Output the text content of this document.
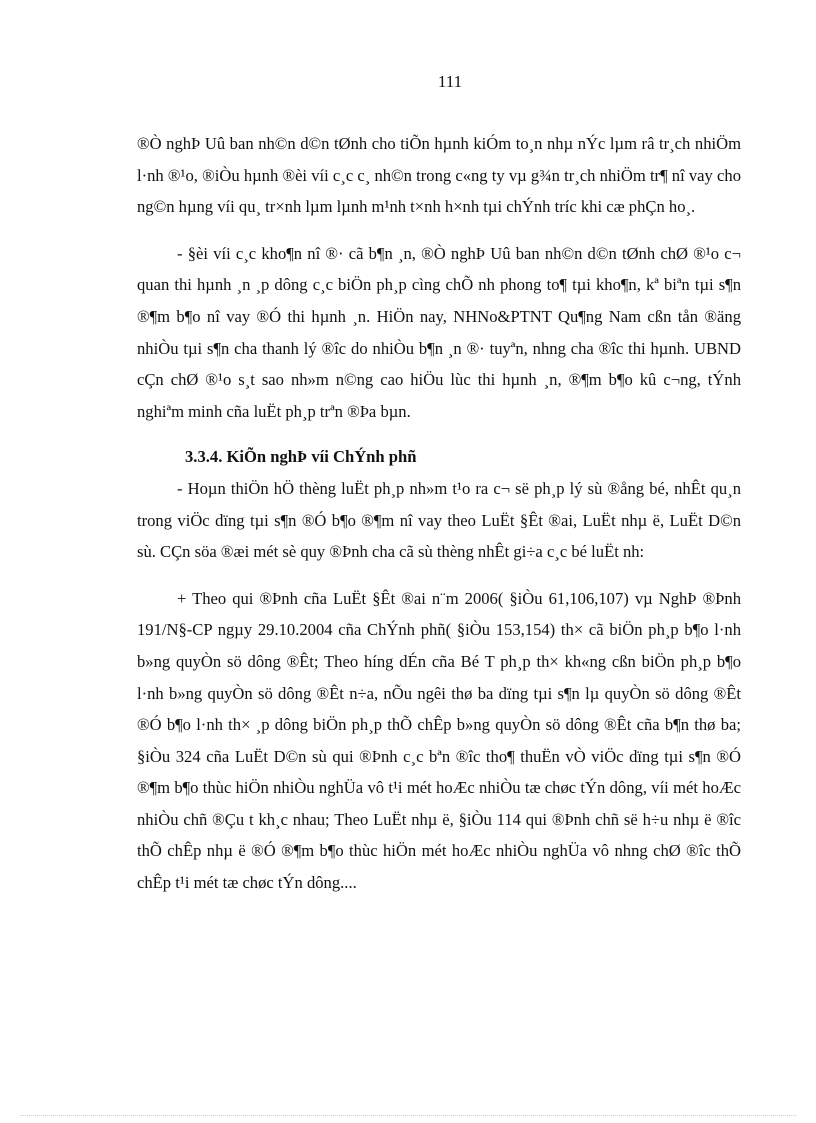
111

®Ò nghÞ Uû ban nh©n d©n tØnh cho tiÕn hµnh kiÓm to¸n nhµ nÝc lµm râ tr¸ch nhiÖm l·nh ®¹o, ®iÒu hµnh ®èi víi c¸c c¸ nh©n trong c«ng ty vµ g¾n tr¸ch nhiÖm tr¶ nî vay cho ng©n hµng víi qu¸ tr×nh lµm lµnh m¹nh t×nh h×nh tµi chÝnh tríc khi cæ phÇn ho¸.

- §èi víi c¸c kho¶n nî ®· cã b¶n ¸n, ®Ò nghÞ Uû ban nh©n d©n tØnh chØ ®¹o c¬ quan thi hµnh ¸n ¸p dông c¸c biÖn ph¸p cìng chÕ nh phong to¶ tµi kho¶n, kª biªn tµi s¶n ®¶m b¶o nî vay ®Ó thi hµnh ¸n. HiÖn nay, NHNo&PTNT Qu¶ng Nam cßn tån ®äng nhiÒu tµi s¶n cha thanh lý ®îc do nhiÒu b¶n ¸n ®· tuyªn, nhng cha ®îc thi hµnh. UBND cÇn chØ ®¹o s¸t sao nh»m n©ng cao hiÖu lùc thi hµnh ¸n, ®¶m b¶o kû c¬ng, tÝnh nghiªm minh cña luËt ph¸p trªn ®Þa bµn.

3.3.4. KiÕn nghÞ víi ChÝnh phñ

- Hoµn thiÖn hÖ thèng luËt ph¸p nh»m t¹o ra c¬ së ph¸p lý sù ®ång bé, nhÊt qu¸n trong viÖc dïng tµi s¶n ®Ó b¶o ®¶m nî vay theo LuËt §Êt ®ai, LuËt nhµ ë, LuËt D©n sù. CÇn söa ®æi mét sè quy ®Þnh cha cã sù thèng nhÊt gi÷a c¸c bé luËt nh:

+ Theo qui ®Þnh cña LuËt §Êt ®ai n¨m 2006( §iÒu 61,106,107) vµ NghÞ ®Þnh 191/N§-CP ngµy 29.10.2004 cña ChÝnh phñ( §iÒu 153,154) th× cã biÖn ph¸p b¶o l·nh b»ng quyÒn sö dông ®Êt; Theo híng dÉn cña Bé T ph¸p th× kh«ng cßn biÖn ph¸p b¶o l·nh b»ng quyÒn sö dông ®Êt n÷a, nÕu ngêi thø ba dïng tµi s¶n lµ quyÒn sö dông ®Êt ®Ó b¶o l·nh th× ¸p dông biÖn ph¸p thÕ chÊp b»ng quyÒn sö dông ®Êt cña b¶n thø ba; §iÒu 324 cña LuËt D©n sù qui ®Þnh c¸c bªn ®îc tho¶ thuËn vÒ viÖc dïng tµi s¶n ®Ó ®¶m b¶o thùc hiÖn nhiÒu nghÜa vô t¹i mét hoÆc nhiÒu tæ chøc tÝn dông, víi mét hoÆc nhiÒu chñ ®Çu t kh¸c nhau; Theo LuËt nhµ ë, §iÒu 114 qui ®Þnh chñ së h÷u nhµ ë ®îc thÕ chÊp nhµ ë ®Ó ®¶m b¶o thùc hiÖn mét hoÆc nhiÒu nghÜa vô nhng chØ ®îc thÕ chÊp t¹i mét tæ chøc tÝn dông....
